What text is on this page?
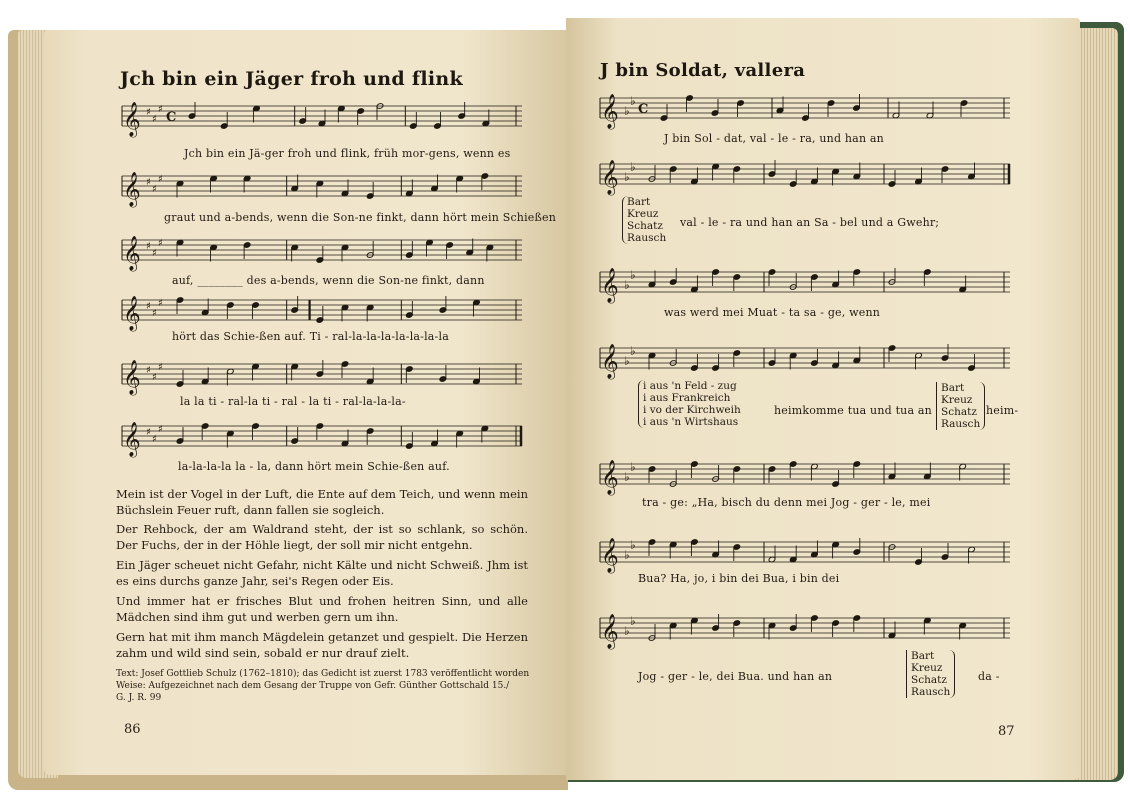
Jch bin ein Jäger froh und flink
𝄞 ♯
♯
♯
C
Jch bin ein Jä-ger froh und flink, früh mor-gens, wenn es
𝄞 ♯
♯
♯
graut und a-bends, wenn die Son-ne finkt, dann hört mein Schießen
𝄞 ♯
♯
♯
auf, ________ des a-bends, wenn die Son-ne finkt, dann
𝄞 ♯
♯
♯
hört das Schie-ßen auf. Ti - ral-la-la-la-la-la-la-la
𝄞 ♯
♯
♯
la la ti - ral-la ti - ral - la ti - ral-la-la-la-
𝄞 ♯
♯
♯
la-la-la-la la - la, dann hört mein Schie-ßen auf.
Mein ist der Vogel in der Luft, die Ente auf dem Teich, und wenn mein Büchslein Feuer ruft, dann fallen sie sogleich.
Der Rehbock, der am Waldrand steht, der ist so schlank, so schön. Der Fuchs, der in der Höhle liegt, der soll mir nicht entgehn.
Ein Jäger scheuet nicht Gefahr, nicht Kälte und nicht Schweiß. Jhm ist es eins durchs ganze Jahr, sei's Regen oder Eis.
Und immer hat er frisches Blut und frohen heitren Sinn, und alle Mädchen sind ihm gut und werben gern um ihn.
Gern hat mit ihm manch Mägdelein getanzet und gespielt. Die Herzen zahm und wild sind sein, sobald er nur drauf zielt.
Text: Josef Gottlieb Schulz (1762–1810); das Gedicht ist zuerst 1783 veröffentlicht worden
Weise: Aufgezeichnet nach dem Gesang der Truppe von Gefr. Günther Gottschald 15./
G. J. R. 99
86
J bin Soldat, vallera
𝄞 ♭
♭
C
J bin Sol - dat, val - le - ra, und han an
𝄞 ♭
♭
Bart
Kreuz
Schatz
Rausch
val - le - ra und han an Sa - bel und a Gwehr;
𝄞 ♭
♭
was werd mei Muat - ta sa - ge, wenn
𝄞 ♭
♭
i aus 'n Feld - zug
i aus Frankreich
i vo der Kirchweih
i aus 'n Wirtshaus
heimkomme tua und tua an
Bart
Kreuz
Schatz
Rausch
heim-
𝄞 ♭
♭
tra - ge: „Ha, bisch du denn mei Jog - ger - le, mei
𝄞 ♭
♭
Bua? Ha, jo, i bin dei Bua, i bin dei
𝄞 ♭
♭
Jog - ger - le, dei Bua. und han an
Bart
Kreuz
Schatz
Rausch
da -
87
